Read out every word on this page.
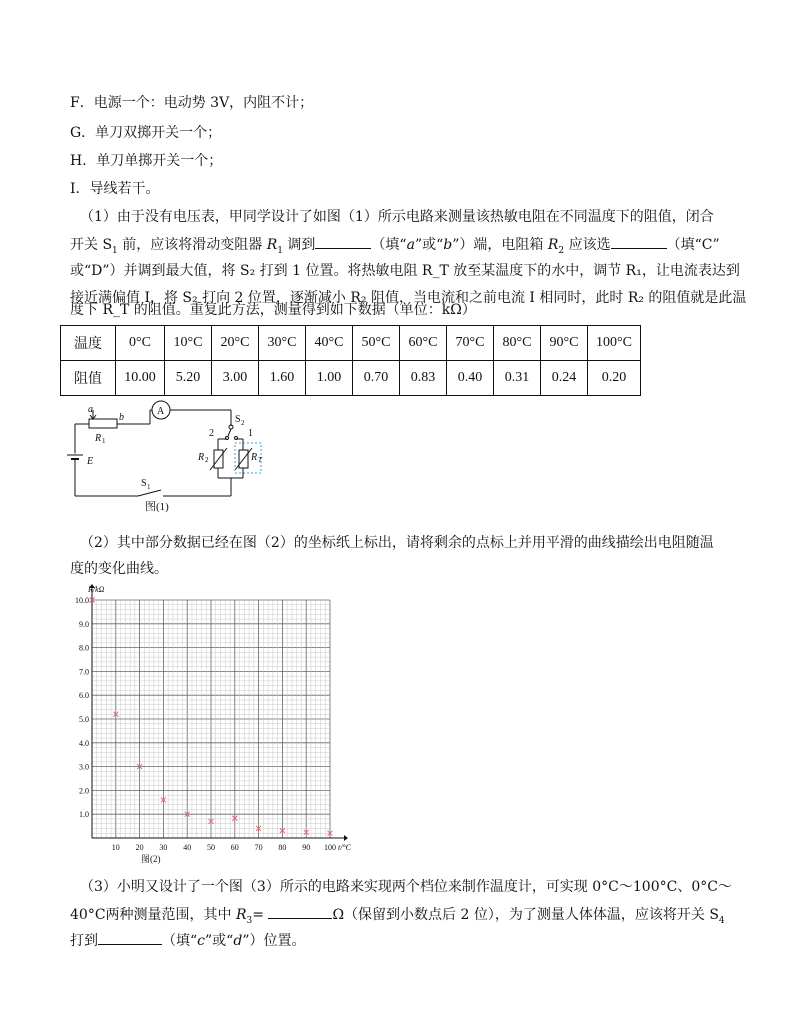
F．电源一个：电动势 3V，内阻不计；
G．单刀双掷开关一个；
H．单刀单掷开关一个；
I．导线若干。
（1）由于没有电压表，甲同学设计了如图（1）所示电路来测量该热敏电阻在不同温度下的阻值，闭合
开关 $S_1$ 前，应该将滑动变阻器 $R_1$ 调到	（填“a”或“b”）端，电阻箱 $R_2$ 应该选	（填“C”
或“D”）并调到最大值，将 S₂ 打到 1 位置。将热敏电阻 R_T 放至某温度下的水中，调节 R₁，让电流表达到
接近满偏值 I，将 S₂ 打向 2 位置，逐渐减小 R₂ 阻值，当电流和之前电流 I 相同时，此时 R₂ 的阻值就是此温
度下 R_T 的阻值。重复此方法，测量得到如下数据（单位：kΩ）
温度	0°C	10°C	20°C	30°C	40°C	50°C	60°C	70°C	80°C	90°C	100°C
阻值	10.00	5.20	3.00	1.60	1.00	0.70	0.83	0.40	0.31	0.24	0.20
a
b
R 1
A
S 2
2	1
R 2	R T
E
S 1
图(1)
（2）其中部分数据已经在图（2）的坐标纸上标出，请将剩余的点标上并用平滑的曲线描绘出电阻随温
度的变化曲线。
10 20 30 40 50 60 70 80 90 100
1.0
2.0
3.0
4.0
5.0
6.0
7.0
8.0
9.0
10.0
R/kΩ
t/°C
图(2)
（3）小明又设计了一个图（3）所示的电路来实现两个档位来制作温度计，可实现 0°C～100°C、0°C～
40°C两种测量范围，其中 $R_3=$	Ω（保留到小数点后 2 位），为了测量人体体温，应该将开关 $S_4$
打到	（填“c”或“d”）位置。
